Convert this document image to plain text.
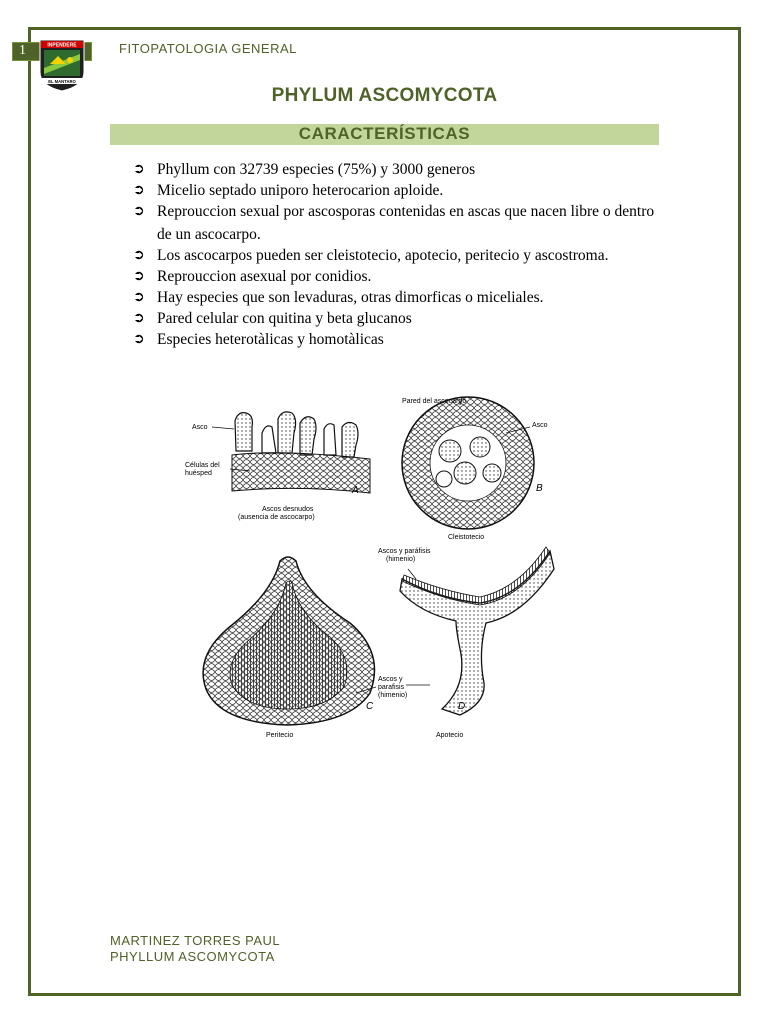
1	INPENDERE
EL MANTARO
FITOPATOLOGIA GENERAL
PHYLUM ASCOMYCOTA
CARACTERÍSTICAS
➲ Phyllum con 32739 especies (75%) y 3000 generos
➲ Micelio septado uniporo heterocarion aploide.
➲ Reprouccion sexual por ascosporas contenidas en ascas que nacen libre o dentro de un ascocarpo.
➲ Los ascocarpos pueden ser cleistotecio, apotecio, peritecio y ascostroma.
➲ Reprouccion asexual por conidios.
➲ Hay especies que son levaduras, otras dimorficas o miceliales.
➲ Pared celular con quitina y beta glucanos
➲ Especies heterotàlicas y homotàlicas
Asco
Células del
huésped
A
Ascos desnudos
(ausencia de ascocarpo)
Pared del ascocarpo
Asco
B
Cleistotecio
C
Peritecio
Ascos y paráfisis
(himenio)
Ascos y
parafisis
(himenio)
D
Apotecio
MARTINEZ TORRES PAUL
PHYLLUM ASCOMYCOTA
